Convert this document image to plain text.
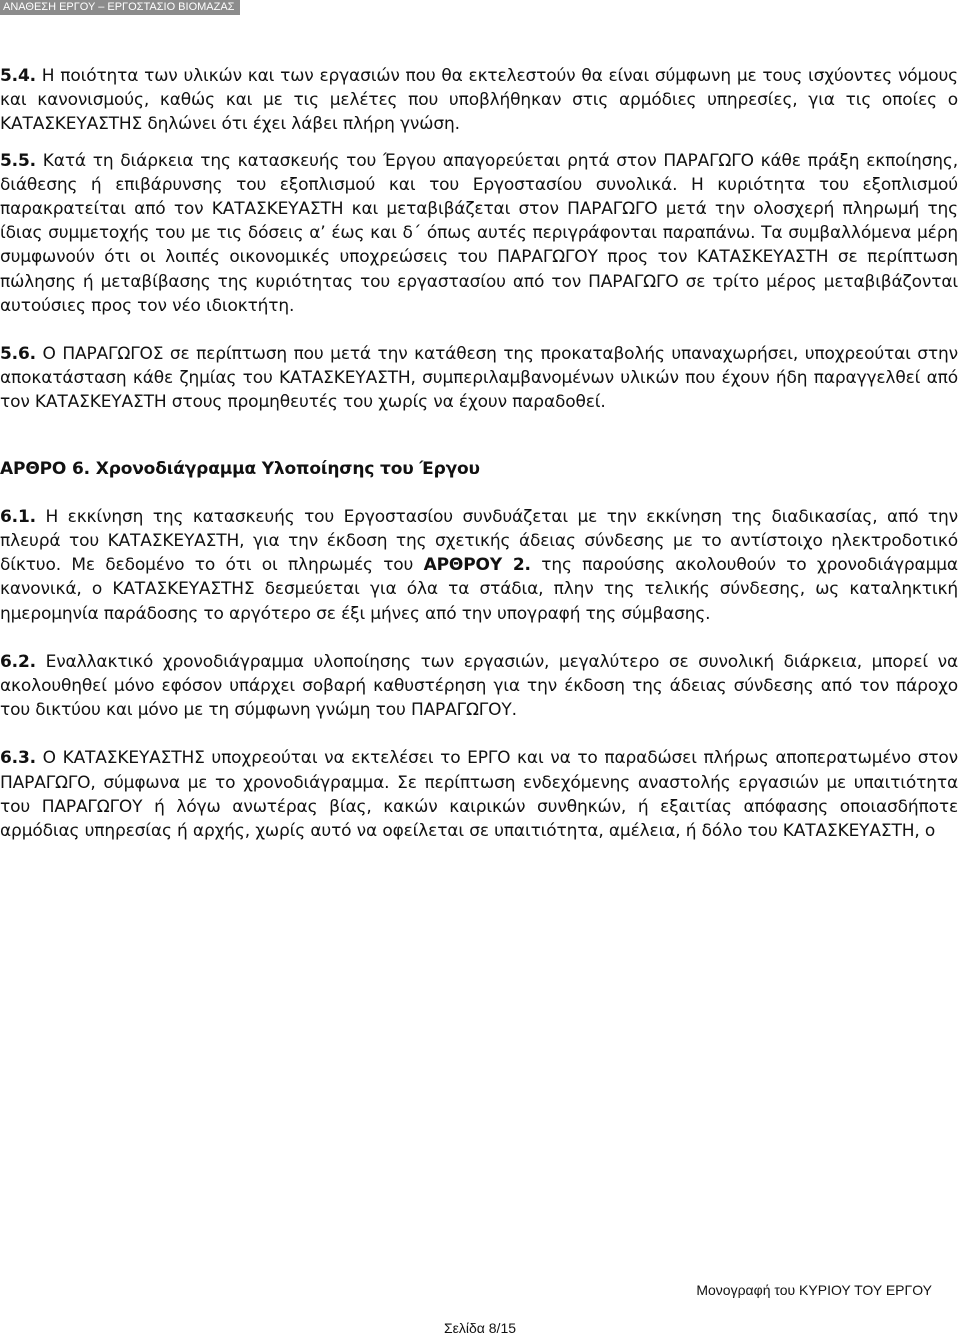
ΑΝΑΘΕΣΗ ΕΡΓΟΥ – ΕΡΓΟΣΤΑΣΙΟ ΒΙΟΜΑΖΑΣ

5.4. Η ποιότητα των υλικών και των εργασιών που θα εκτελεστούν θα είναι σύμφωνη με τους ισχύοντες νόμους και κανονισμούς, καθώς και με τις μελέτες που υποβλήθηκαν στις αρμόδιες υπηρεσίες, για τις οποίες ο ΚΑΤΑΣΚΕΥΑΣΤΗΣ δηλώνει ότι έχει λάβει πλήρη γνώση.

5.5. Κατά τη διάρκεια της κατασκευής του Έργου απαγορεύεται ρητά στον ΠΑΡΑΓΩΓΟ κάθε πράξη εκποίησης, διάθεσης ή επιβάρυνσης του εξοπλισμού και του Εργοστασίου συνολικά. Η κυριότητα του εξοπλισμού παρακρατείται από τον ΚΑΤΑΣΚΕΥΑΣΤΗ και μεταβιβάζεται στον ΠΑΡΑΓΩΓΟ μετά την ολοσχερή πληρωμή της ίδιας συμμετοχής του με τις δόσεις α’ έως και δ΄ όπως αυτές περιγράφονται παραπάνω. Τα συμβαλλόμενα μέρη συμφωνούν ότι οι λοιπές οικονομικές υποχρεώσεις του ΠΑΡΑΓΩΓΟΥ προς τον ΚΑΤΑΣΚΕΥΑΣΤΗ σε περίπτωση πώλησης ή μεταβίβασης της κυριότητας του εργαστασίου από τον ΠΑΡΑΓΩΓΟ σε τρίτο μέρος μεταβιβάζονται αυτούσιες προς τον νέο ιδιοκτήτη.

5.6. Ο ΠΑΡΑΓΩΓΟΣ σε περίπτωση που μετά την κατάθεση της προκαταβολής υπαναχωρήσει, υποχρεούται στην αποκατάσταση κάθε ζημίας του ΚΑΤΑΣΚΕΥΑΣΤΗ, συμπεριλαμβανομένων υλικών που έχουν ήδη παραγγελθεί από τον ΚΑΤΑΣΚΕΥΑΣΤΗ στους προμηθευτές του χωρίς να έχουν παραδοθεί.

ΑΡΘΡΟ 6. Χρονοδιάγραμμα Υλοποίησης του Έργου

6.1. Η εκκίνηση της κατασκευής του Εργοστασίου συνδυάζεται με την εκκίνηση της διαδικασίας, από την πλευρά του ΚΑΤΑΣΚΕΥΑΣΤΗ, για την έκδοση της σχετικής άδειας σύνδεσης με το αντίστοιχο ηλεκτροδοτικό δίκτυο. Με δεδομένο το ότι οι πληρωμές του ΑΡΘΡΟΥ 2. της παρούσης ακολουθούν το χρονοδιάγραμμα κανονικά, ο ΚΑΤΑΣΚΕΥΑΣΤΗΣ δεσμεύεται για όλα τα στάδια, πλην της τελικής σύνδεσης, ως καταληκτική ημερομηνία παράδοσης το αργότερο σε έξι μήνες από την υπογραφή της σύμβασης.

6.2. Εναλλακτικό χρονοδιάγραμμα υλοποίησης των εργασιών, μεγαλύτερο σε συνολική διάρκεια, μπορεί να ακολουθηθεί μόνο εφόσον υπάρχει σοβαρή καθυστέρηση για την έκδοση της άδειας σύνδεσης από τον πάροχο του δικτύου και μόνο με τη σύμφωνη γνώμη του ΠΑΡΑΓΩΓΟΥ.

6.3. Ο ΚΑΤΑΣΚΕΥΑΣΤΗΣ υποχρεούται να εκτελέσει το ΕΡΓΟ και να το παραδώσει πλήρως αποπερατωμένο στον ΠΑΡΑΓΩΓΟ, σύμφωνα με το χρονοδιάγραμμα. Σε περίπτωση ενδεχόμενης αναστολής εργασιών με υπαιτιότητα του ΠΑΡΑΓΩΓΟΥ ή λόγω ανωτέρας βίας, κακών καιρικών συνθηκών, ή εξαιτίας απόφασης οποιασδήποτε αρμόδιας υπηρεσίας ή αρχής, χωρίς αυτό να οφείλεται σε υπαιτιότητα, αμέλεια, ή δόλο του ΚΑΤΑΣΚΕΥΑΣΤΗ, ο

Μονογραφή του ΚΥΡΙΟΥ ΤΟΥ ΕΡΓΟΥ
Σελίδα 8/15
